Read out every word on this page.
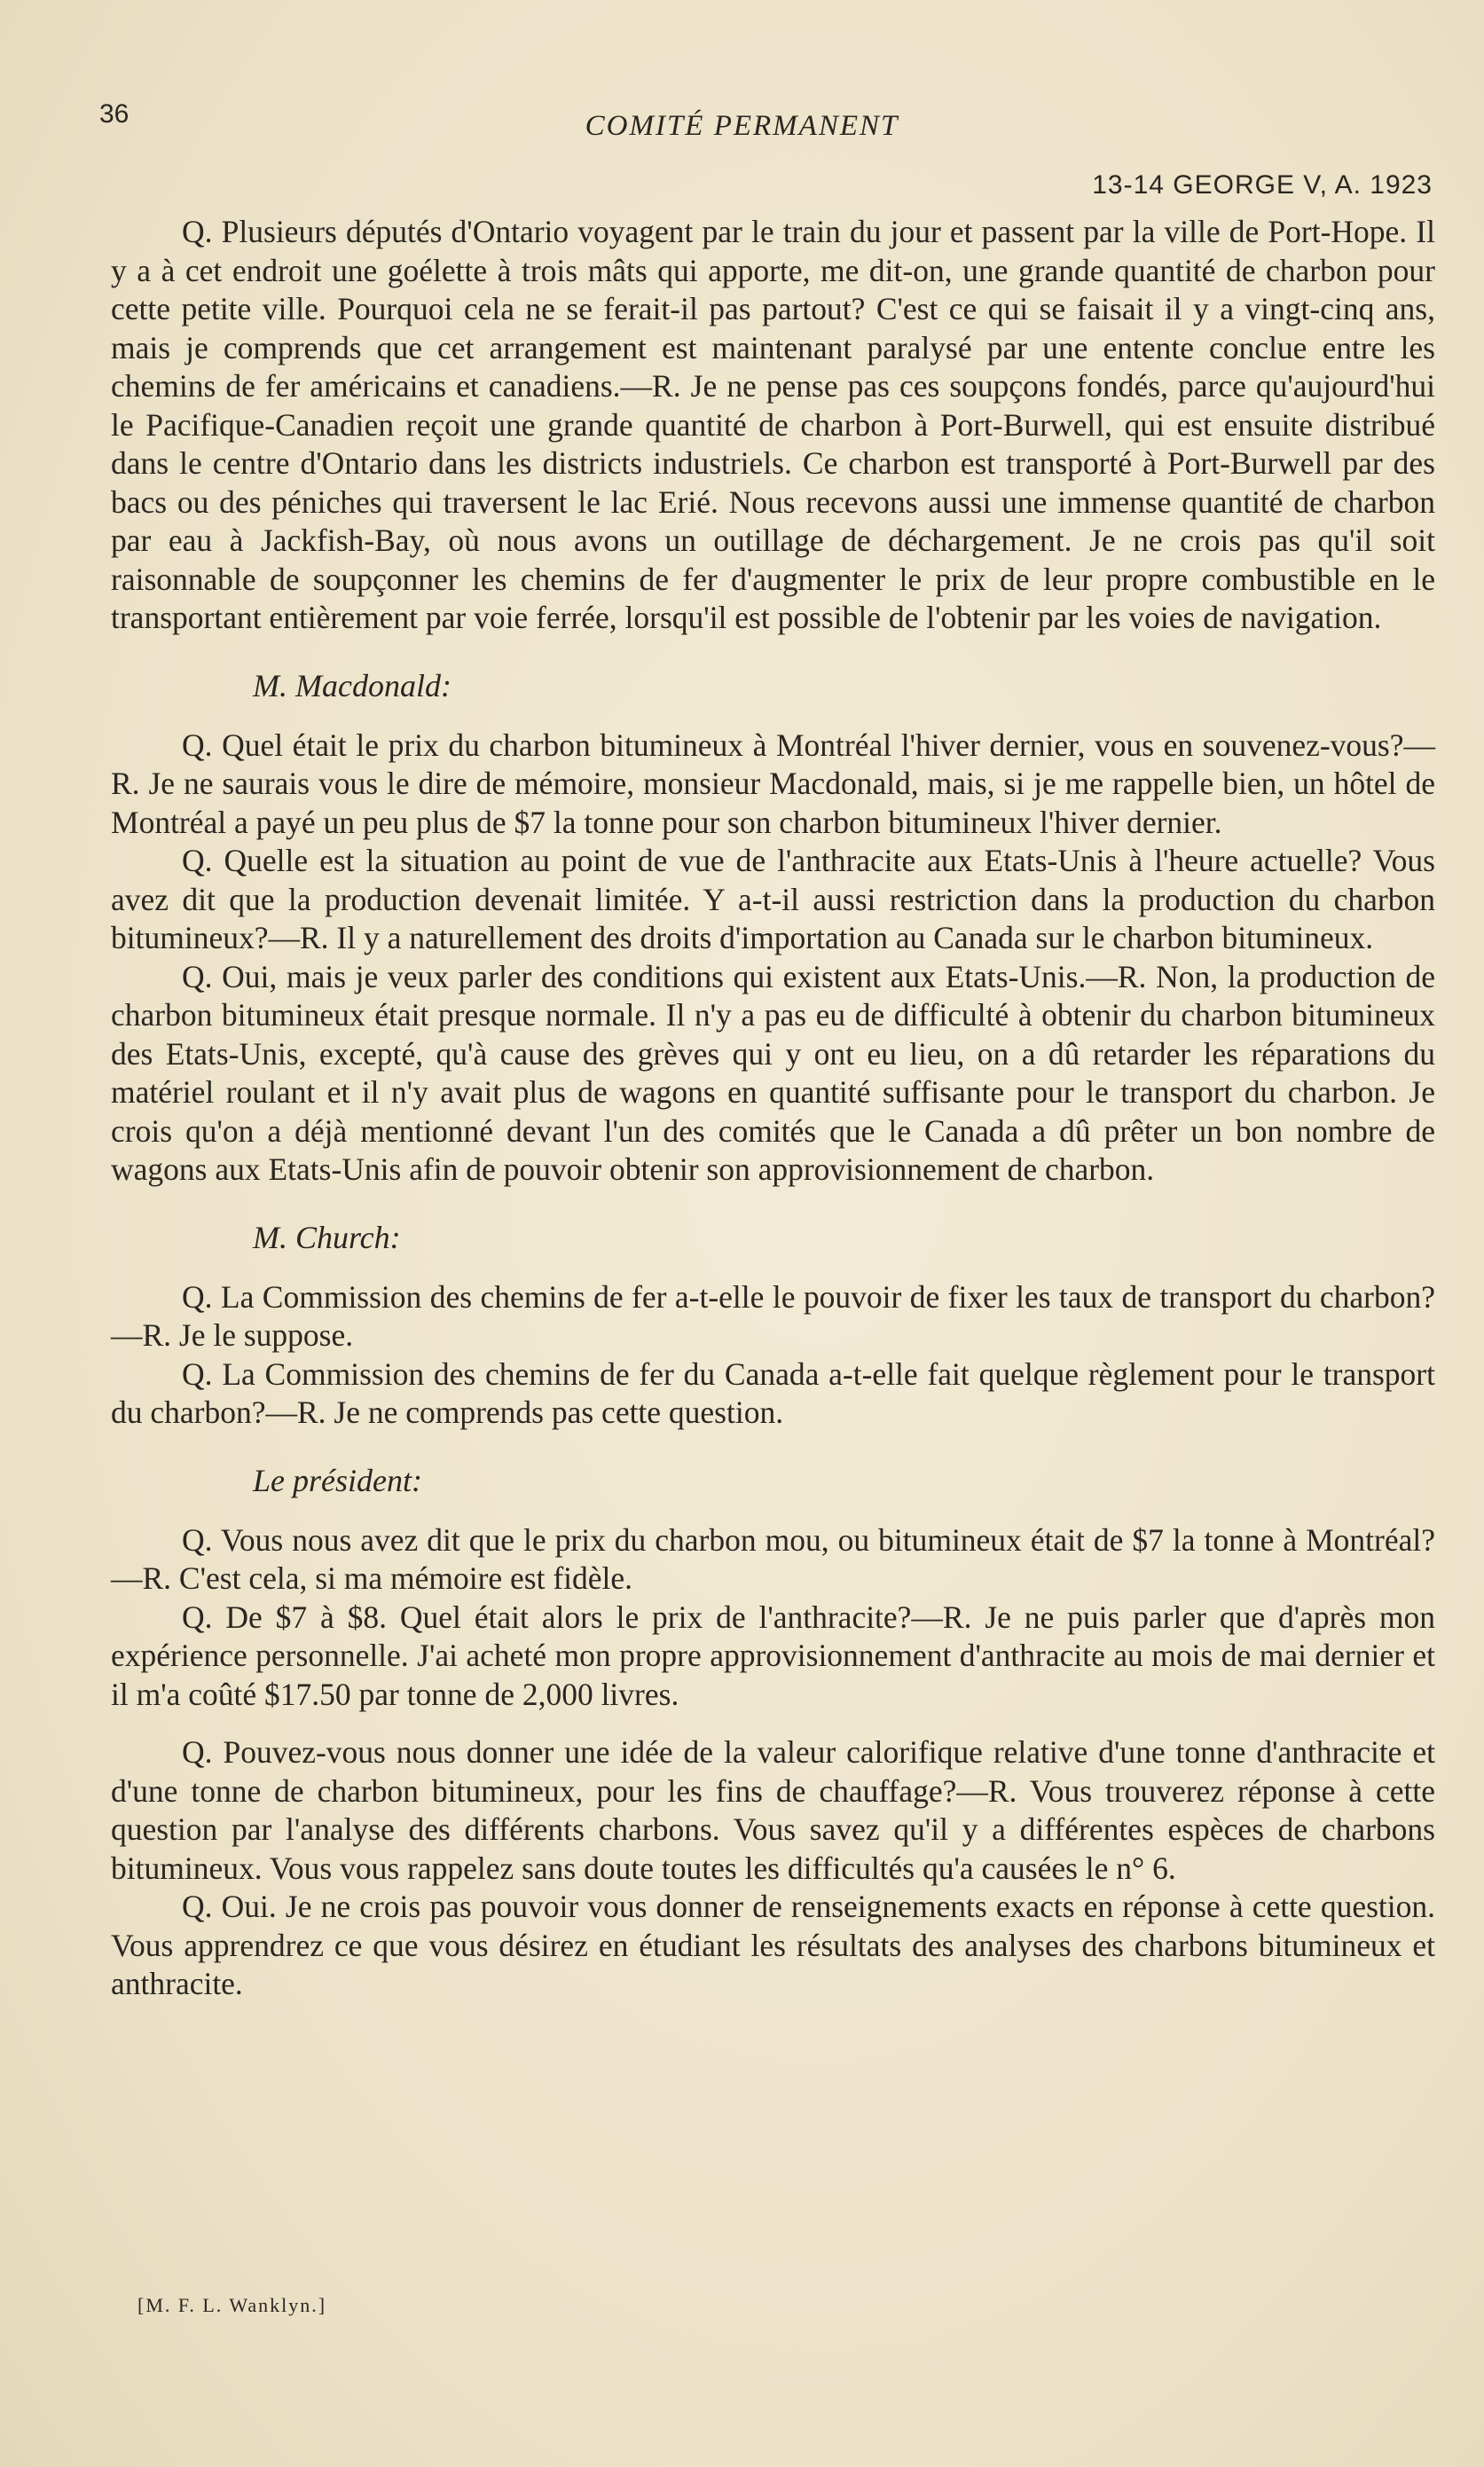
36	COMITÉ PERMANENT
13-14 GEORGE V, A. 1923

Q. Plusieurs députés d'Ontario voyagent par le train du jour et passent par la ville de Port-Hope. Il y a à cet endroit une goélette à trois mâts qui apporte, me dit-on, une grande quantité de charbon pour cette petite ville. Pourquoi cela ne se ferait-il pas partout? C'est ce qui se faisait il y a vingt-cinq ans, mais je comprends que cet arrangement est maintenant paralysé par une entente conclue entre les chemins de fer américains et canadiens.—R. Je ne pense pas ces soupçons fondés, parce qu'aujourd'hui le Pacifique-Canadien reçoit une grande quantité de charbon à Port-Burwell, qui est ensuite distribué dans le centre d'Ontario dans les districts industriels. Ce charbon est transporté à Port-Burwell par des bacs ou des péniches qui traversent le lac Erié. Nous recevons aussi une immense quantité de charbon par eau à Jackfish-Bay, où nous avons un outillage de déchargement. Je ne crois pas qu'il soit raisonnable de soupçonner les chemins de fer d'augmenter le prix de leur propre combustible en le transportant entièrement par voie ferrée, lorsqu'il est possible de l'obtenir par les voies de navigation.

M. Macdonald:

Q. Quel était le prix du charbon bitumineux à Montréal l'hiver dernier, vous en souvenez-vous?—R. Je ne saurais vous le dire de mémoire, monsieur Macdonald, mais, si je me rappelle bien, un hôtel de Montréal a payé un peu plus de $7 la tonne pour son charbon bitumineux l'hiver dernier.

Q. Quelle est la situation au point de vue de l'anthracite aux Etats-Unis à l'heure actuelle? Vous avez dit que la production devenait limitée. Y a-t-il aussi restriction dans la production du charbon bitumineux?—R. Il y a naturellement des droits d'importation au Canada sur le charbon bitumineux.

Q. Oui, mais je veux parler des conditions qui existent aux Etats-Unis.—R. Non, la production de charbon bitumineux était presque normale. Il n'y a pas eu de difficulté à obtenir du charbon bitumineux des Etats-Unis, excepté, qu'à cause des grèves qui y ont eu lieu, on a dû retarder les réparations du matériel roulant et il n'y avait plus de wagons en quantité suffisante pour le transport du charbon. Je crois qu'on a déjà mentionné devant l'un des comités que le Canada a dû prêter un bon nombre de wagons aux Etats-Unis afin de pouvoir obtenir son approvisionnement de charbon.

M. Church:

Q. La Commission des chemins de fer a-t-elle le pouvoir de fixer les taux de transport du charbon?—R. Je le suppose.

Q. La Commission des chemins de fer du Canada a-t-elle fait quelque règlement pour le transport du charbon?—R. Je ne comprends pas cette question.

Le président:

Q. Vous nous avez dit que le prix du charbon mou, ou bitumineux était de $7 la tonne à Montréal?—R. C'est cela, si ma mémoire est fidèle.

Q. De $7 à $8. Quel était alors le prix de l'anthracite?—R. Je ne puis parler que d'après mon expérience personnelle. J'ai acheté mon propre approvisionnement d'anthracite au mois de mai dernier et il m'a coûté $17.50 par tonne de 2,000 livres.

Q. Pouvez-vous nous donner une idée de la valeur calorifique relative d'une tonne d'anthracite et d'une tonne de charbon bitumineux, pour les fins de chauffage?—R. Vous trouverez réponse à cette question par l'analyse des différents charbons. Vous savez qu'il y a différentes espèces de charbons bitumineux. Vous vous rappelez sans doute toutes les difficultés qu'a causées le n° 6.

Q. Oui. Je ne crois pas pouvoir vous donner de renseignements exacts en réponse à cette question. Vous apprendrez ce que vous désirez en étudiant les résultats des analyses des charbons bitumineux et anthracite.

[M. F. L. Wanklyn.]
